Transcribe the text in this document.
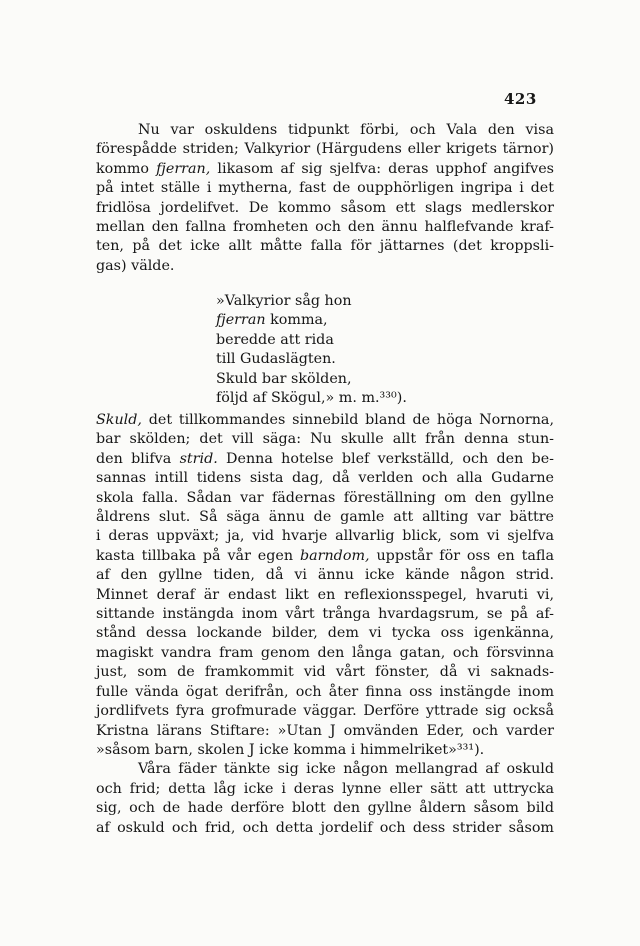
423
Nu var oskuldens tidpunkt förbi, och Vala den visa
förespådde striden; Valkyrior (Härgudens eller krigets tärnor)
kommo fjerran, likasom af sig sjelfva: deras upphof angifves
på intet ställe i mytherna, fast de oupphörligen ingripa i det
fridlösa jordelifvet. De kommo såsom ett slags medlerskor
mellan den fallna fromheten och den ännu halflefvande kraf-
ten, på det icke allt måtte falla för jättarnes (det kroppsli-
gas) välde.
»Valkyrior såg hon
fjerran komma,
beredde att rida
till Gudaslägten.
Skuld bar skölden,
följd af Skögul,» m. m.³³⁰).
Skuld, det tillkommandes sinnebild bland de höga Nornorna,
bar skölden; det vill säga: Nu skulle allt från denna stun-
den blifva strid. Denna hotelse blef verkställd, och den be-
sannas intill tidens sista dag, då verlden och alla Gudarne
skola falla. Sådan var fädernas föreställning om den gyllne
åldrens slut. Så säga ännu de gamle att allting var bättre
i deras uppväxt; ja, vid hvarje allvarlig blick, som vi sjelfva
kasta tillbaka på vår egen barndom, uppstår för oss en tafla
af den gyllne tiden, då vi ännu icke kände någon strid.
Minnet deraf är endast likt en reflexionsspegel, hvaruti vi,
sittande instängda inom vårt trånga hvardagsrum, se på af-
stånd dessa lockande bilder, dem vi tycka oss igenkänna,
magiskt vandra fram genom den långa gatan, och försvinna
just, som de framkommit vid vårt fönster, då vi saknads-
fulle vända ögat derifrån, och åter finna oss instängde inom
jordlifvets fyra grofmurade väggar. Derföre yttrade sig också
Kristna lärans Stiftare: »Utan J omvänden Eder, och varder
»såsom barn, skolen J icke komma i himmelriket»³³¹).
Våra fäder tänkte sig icke någon mellangrad af oskuld
och frid; detta låg icke i deras lynne eller sätt att uttrycka
sig, och de hade derföre blott den gyllne åldern såsom bild
af oskuld och frid, och detta jordelif och dess strider såsom
